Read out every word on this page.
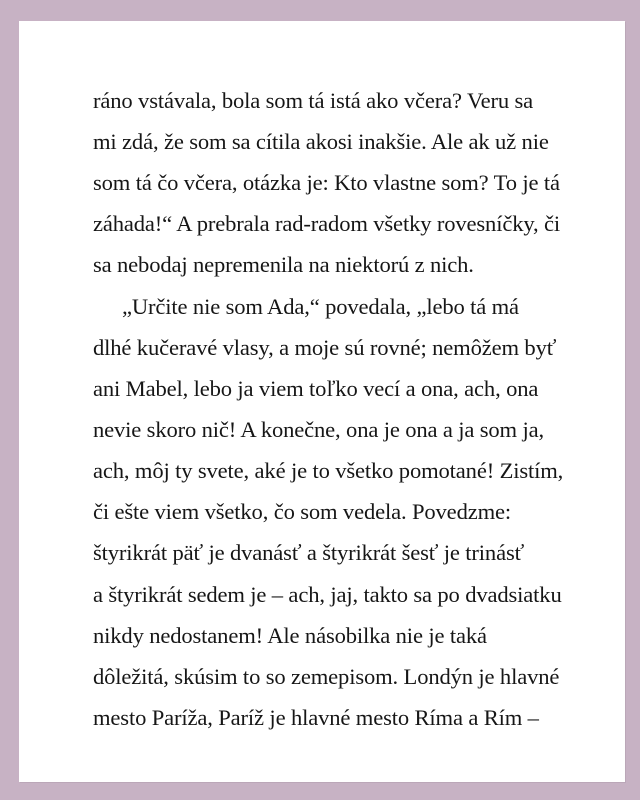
ráno vstávala, bola som tá istá ako včera? Veru sa
mi zdá, že som sa cítila akosi inakšie. Ale ak už nie
som tá čo včera, otázka je: Kto vlastne som? To je tá
záhada!“ A prebrala rad-radom všetky rovesníčky, či
sa nebodaj nepremenila na niektorú z nich.
„Určite nie som Ada,“ povedala, „lebo tá má
dlhé kučeravé vlasy, a moje sú rovné; nemôžem byť
ani Mabel, lebo ja viem toľko vecí a ona, ach, ona
nevie skoro nič! A konečne, ona je ona a ja som ja,
ach, môj ty svete, aké je to všetko pomotané! Zistím,
či ešte viem všetko, čo som vedela. Povedzme:
štyrikrát päť je dvanásť a štyrikrát šesť je trinásť
a štyrikrát sedem je – ach, jaj, takto sa po dvadsiatku
nikdy nedostanem! Ale násobilka nie je taká
dôležitá, skúsim to so zemepisom. Londýn je hlavné
mesto Paríža, Paríž je hlavné mesto Ríma a Rím –
